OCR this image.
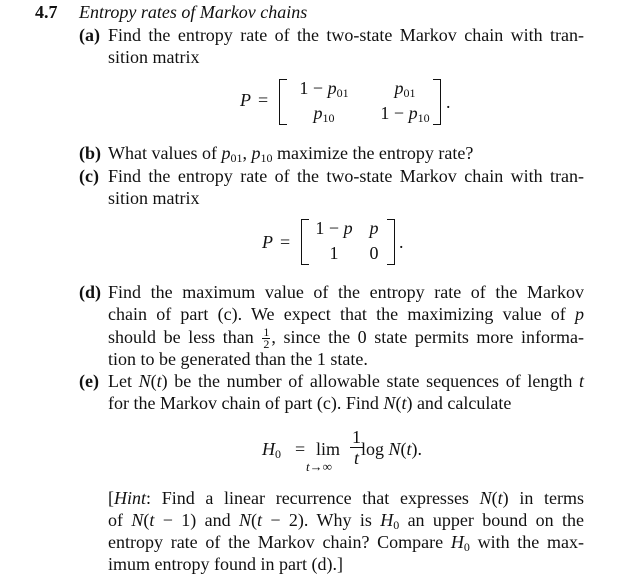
4.7 Entropy rates of Markov chains
(a) Find the entropy rate of the two-state Markov chain with tran-
sition matrix
P =
$1 - p_{01}$	$p_{01}$
$p_{10}$	$1 - p_{10}$
.
(b) What values of $p_{01}$, $p_{10}$ maximize the entropy rate?
(c) Find the entropy rate of the two-state Markov chain with tran-
sition matrix
P =
1 − p p
1 0
.
(d) Find the maximum value of the entropy rate of the Markov
chain of part (c). We expect that the maximizing value of p
should be less than $\frac{1}{2}$ , since the 0 state permits more informa-
tion to be generated than the 1 state.
(e) Let N(t) be the number of allowable state sequences of length t
for the Markov chain of part (c). Find N(t) and calculate
$H_0 = \lim$
$t\to\infty \frac{1}{t}$
log N(t).
[Hint: Find a linear recurrence that expresses N(t) in terms
of N(t − 1) and N(t − 2). Why is $H_0$ an upper bound on the
entropy rate of the Markov chain? Compare $H_0$ with the max-
imum entropy found in part (d).]
